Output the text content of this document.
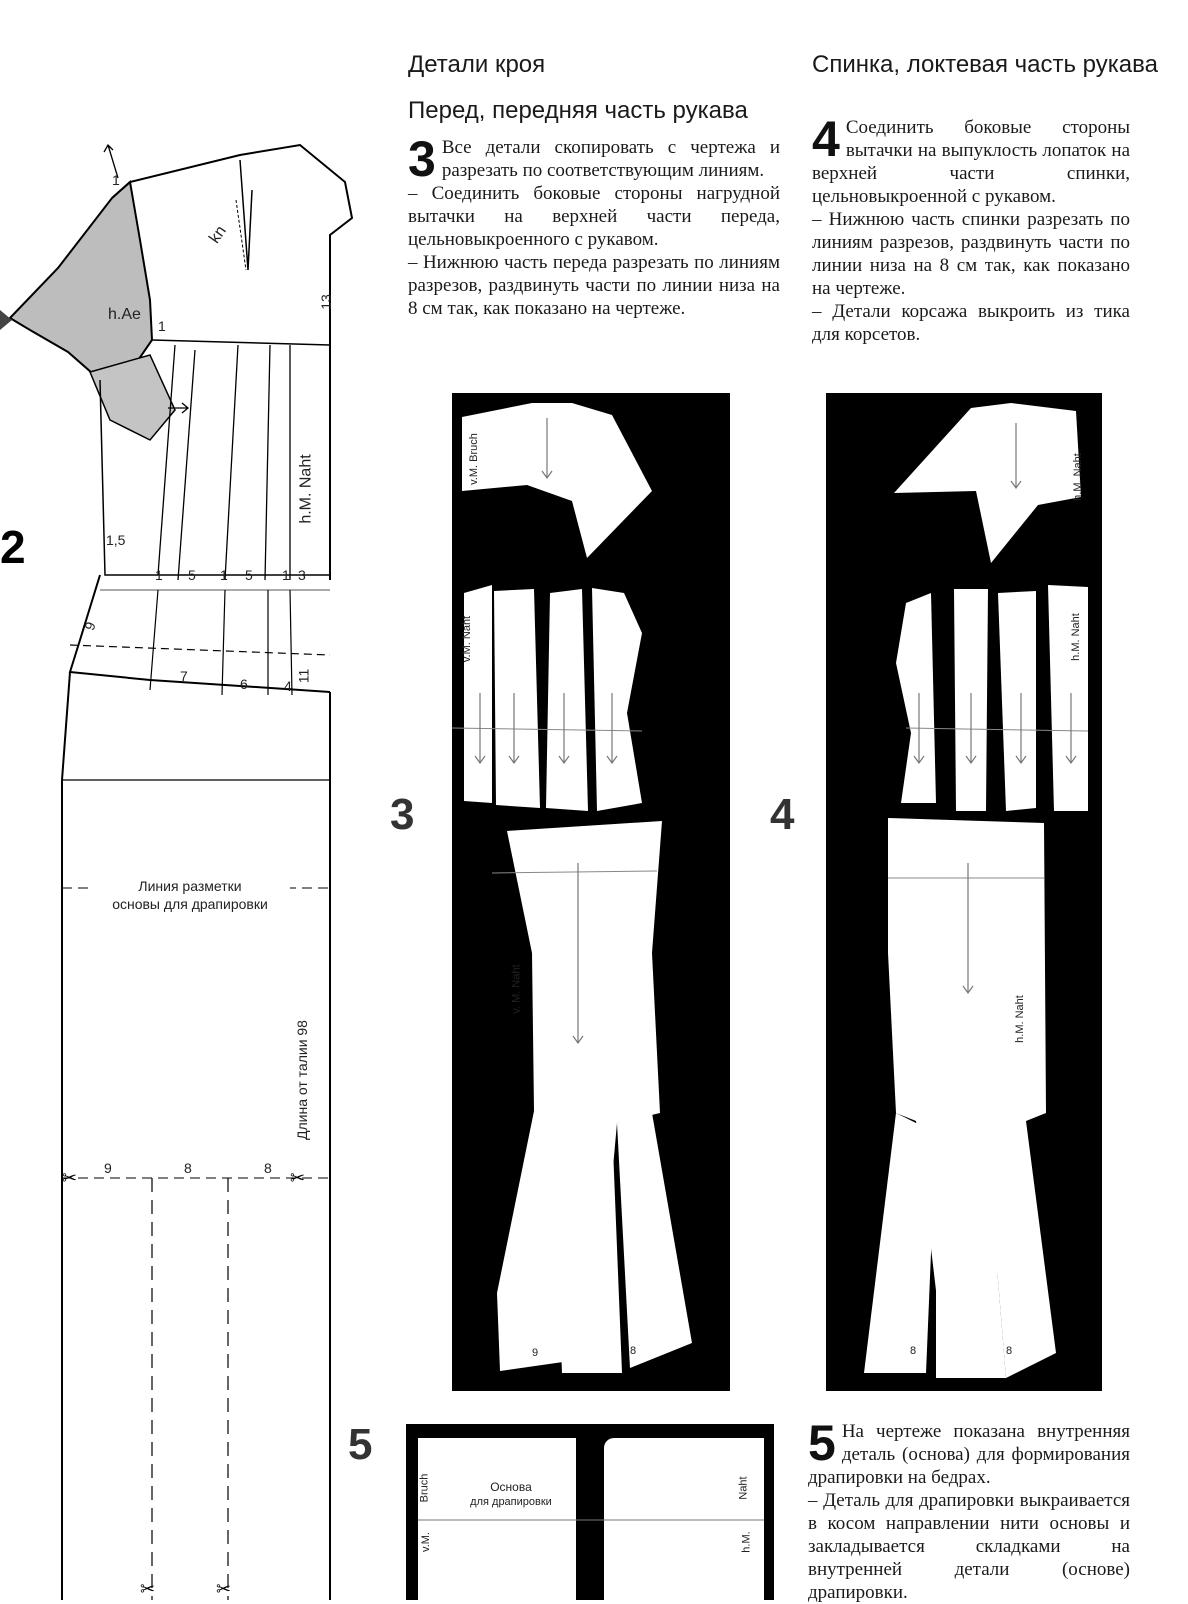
✂	✂
✂	✂
kn
h.Ae
1
1
13
h.M. Naht
1,5
1 5 1 5 1 3
9
7	6	4
11
Линия разметки
основы для драпировки
Длина от талии 98
9	8	8
2
Детали кроя
Перед, передняя часть рукава
3 Все детали скопировать с чертежа и разрезать по соответствующим линиям.

– Соединить боковые стороны нагрудной вытачки на верхней части переда, цельновыкроенного с рукавом.

– Нижнюю часть переда разрезать по линиям разрезов, раздвинуть части по линии низа на 8 см так, как показано на чертеже.

Спинка, локтевая часть рукава
4 Соединить боковые стороны вытачки на выпуклость лопаток на верхней части спинки, цельновыкроенной с рукавом.

– Нижнюю часть спинки разрезать по линиям разрезов, раздвинуть части по линии низа на 8 см так, как показано на чертеже.

– Детали корсажа выкроить из тика для корсетов.

3	4
v.M. Bruch
v.M. Naht
v. M. Naht
9	8
h.M. Naht
h.M. Naht
h.M. Naht
8	8
5
Основа
для драпировки
Bruch
v.M.
Naht
h.M.
5 На чертеже показана внутренняя деталь (основа) для формирования драпировки на бедрах.

– Деталь для драпировки выкраивается в косом направлении нити основы и закладывается складками на внутренней детали (основе) драпировки.
